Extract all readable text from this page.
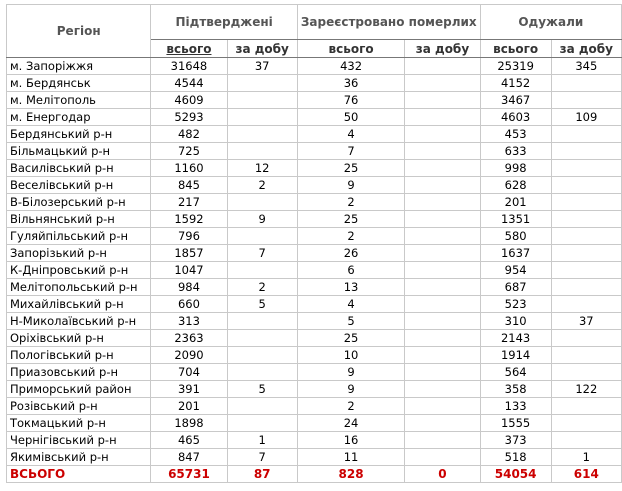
Регіон	Підтверджені		Зареєстровано померлих		Одужали	
	всього	за добу	всього	за добу	всього	за добу
м. Запоріжжя	31648	37	432		25319	345
м. Бердянськ	4544		36		4152	
м. Мелітополь	4609		76		3467	
м. Енергодар	5293		50		4603	109
Бердянський р-н	482		4		453	
Більмацький р-н	725		7		633	
Василівський р-н	1160	12	25		998	
Веселівський р-н	845	2	9		628	
В-Білозерський р-н	217		2		201	
Вільнянський р-н	1592	9	25		1351	
Гуляйпільський р-н	796		2		580	
Запорізький р-н	1857	7	26		1637	
К-Дніпровський р-н	1047		6		954	
Мелітопольський р-н	984	2	13		687	
Михайлівський р-н	660	5	4		523	
Н-Миколаївський р-н	313		5		310	37
Оріхівський р-н	2363		25		2143	
Пологівський р-н	2090		10		1914	
Приазовський р-н	704		9		564	
Приморський район	391	5	9		358	122
Розівський р-н	201		2		133	
Токмацький р-н	1898		24		1555	
Чернігівський р-н	465	1	16		373	
Якимівський р-н	847	7	11		518	1
ВСЬОГО	65731	87	828	0	54054	614
